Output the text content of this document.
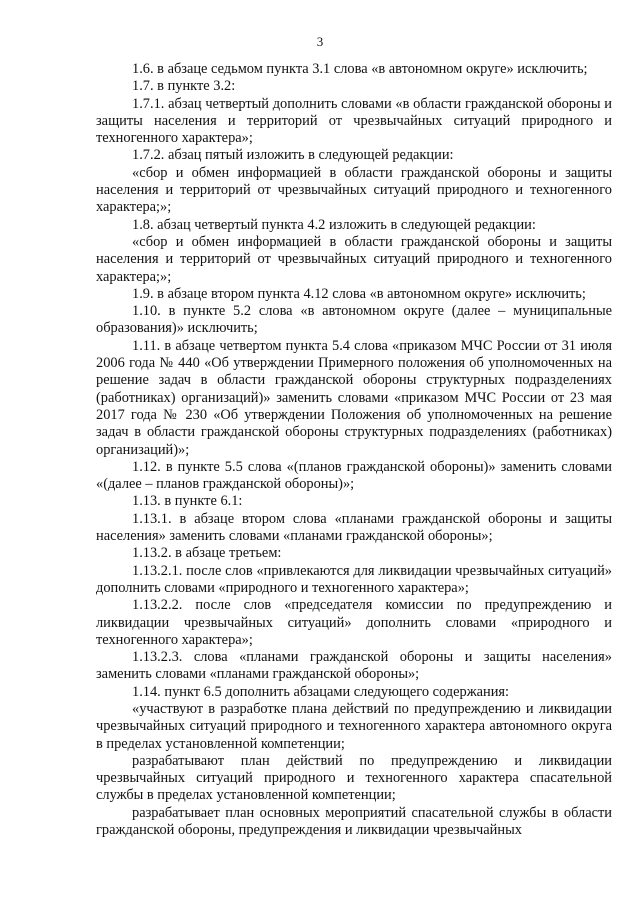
3

1.6. в абзаце седьмом пункта 3.1 слова «в автономном округе» исключить;

1.7. в пункте 3.2:

1.7.1. абзац четвертый дополнить словами «в области гражданской обороны и защиты населения и территорий от чрезвычайных ситуаций природного и техногенного характера»;

1.7.2. абзац пятый изложить в следующей редакции:

«сбор и обмен информацией в области гражданской обороны и защиты населения и территорий от чрезвычайных ситуаций природного и техногенного характера;»;

1.8. абзац четвертый пункта 4.2 изложить в следующей редакции:

«сбор и обмен информацией в области гражданской обороны и защиты населения и территорий от чрезвычайных ситуаций природного и техногенного характера;»;

1.9. в абзаце втором пункта 4.12 слова «в автономном округе» исключить;

1.10. в пункте 5.2 слова «в автономном округе (далее – муниципальные образования)» исключить;

1.11. в абзаце четвертом пункта 5.4 слова «приказом МЧС России от 31 июля 2006 года № 440 «Об утверждении Примерного положения об уполномоченных на решение задач в области гражданской обороны структурных подразделениях (работниках) организаций)» заменить словами «приказом МЧС России от 23 мая 2017 года № 230 «Об утверждении Положения об уполномоченных на решение задач в области гражданской обороны структурных подразделениях (работниках) организаций)»;

1.12. в пункте 5.5 слова «(планов гражданской обороны)» заменить словами «(далее – планов гражданской обороны)»;

1.13. в пункте 6.1:

1.13.1. в абзаце втором слова «планами гражданской обороны и защиты населения» заменить словами «планами гражданской обороны»;

1.13.2. в абзаце третьем:

1.13.2.1. после слов «привлекаются для ликвидации чрезвычайных ситуаций» дополнить словами «природного и техногенного характера»;

1.13.2.2. после слов «председателя комиссии по предупреждению и ликвидации чрезвычайных ситуаций» дополнить словами «природного и техногенного характера»;

1.13.2.3. слова «планами гражданской обороны и защиты населения» заменить словами «планами гражданской обороны»;

1.14. пункт 6.5 дополнить абзацами следующего содержания:

«участвуют в разработке плана действий по предупреждению и ликвидации чрезвычайных ситуаций природного и техногенного характера автономного округа в пределах установленной компетенции;

разрабатывают план действий по предупреждению и ликвидации чрезвычайных ситуаций природного и техногенного характера спасательной службы в пределах установленной компетенции;

разрабатывает план основных мероприятий спасательной службы в области гражданской обороны, предупреждения и ликвидации чрезвычайных
